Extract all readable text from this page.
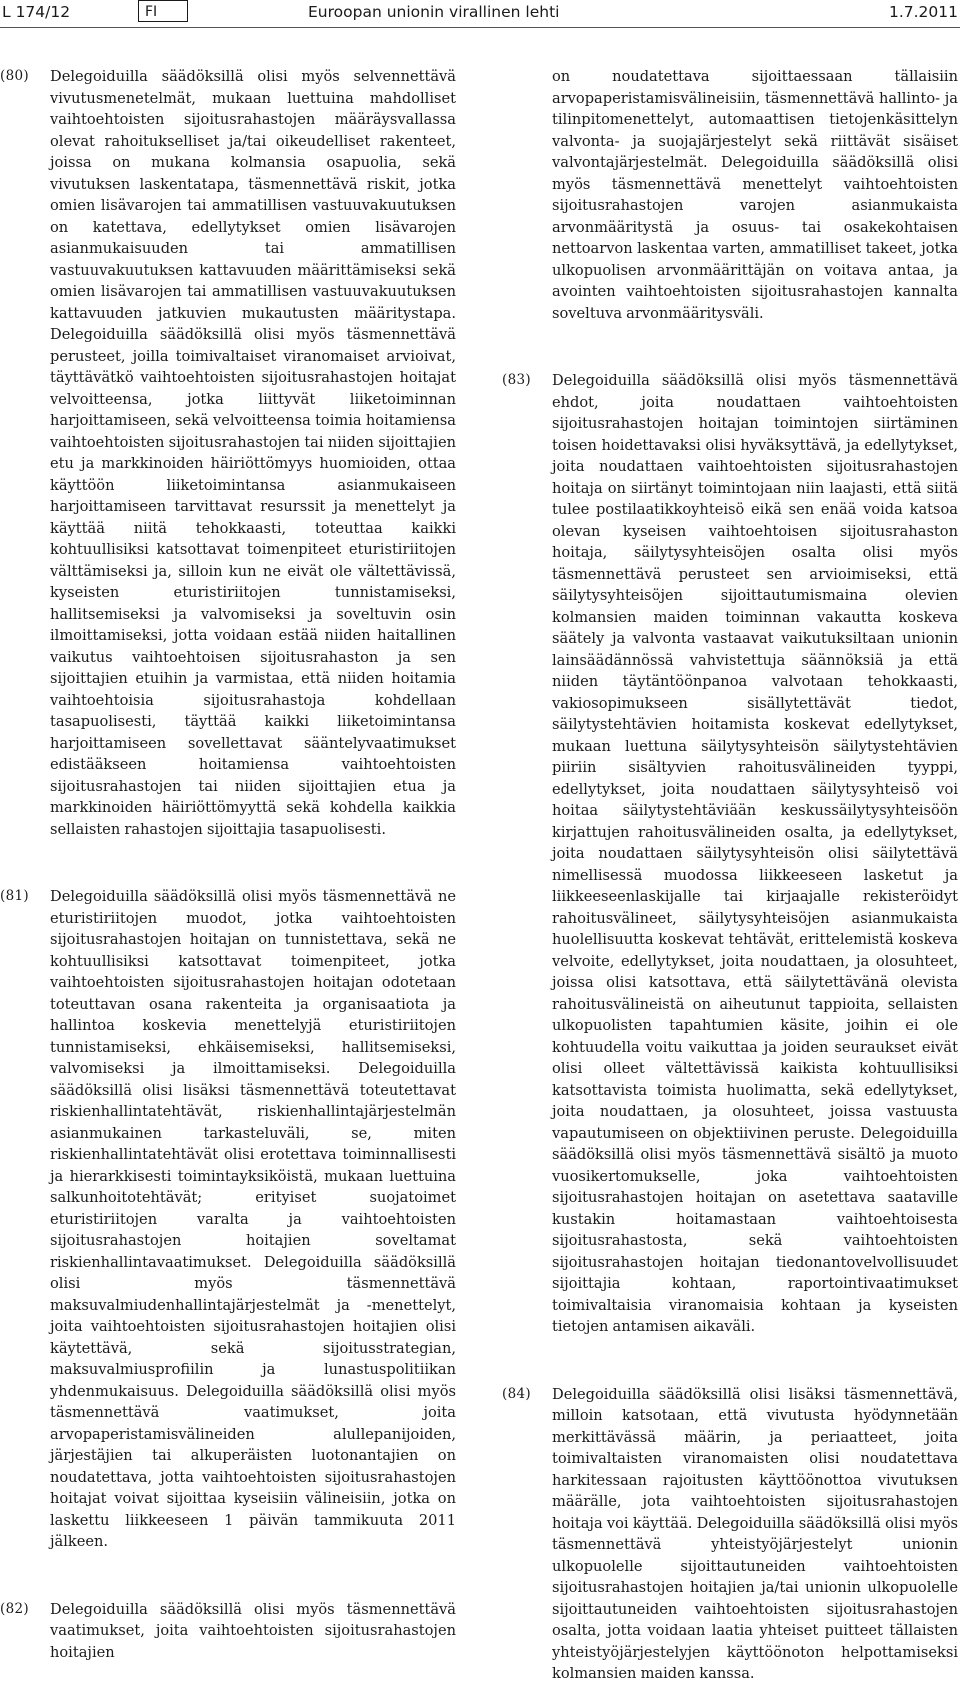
L 174/12	FI	Euroopan unionin virallinen lehti	1.7.2011
(80) Delegoiduilla säädöksillä olisi myös selvennettävä vivutusmenetelmät, mukaan luettuina mahdolliset vaihtoehtoisten sijoitusrahastojen määräysvallassa olevat rahoitukselliset ja/tai oikeudelliset rakenteet, joissa on mukana kolmansia osapuolia, sekä vivutuksen laskentatapa, täsmennettävä riskit, jotka omien lisävarojen tai ammatillisen vastuuvakuutuksen on katettava, edellytykset omien lisävarojen asianmukaisuuden tai ammatillisen vastuuvakuutuksen kattavuuden määrittämiseksi sekä omien lisävarojen tai ammatillisen vastuuvakuutuksen kattavuuden jatkuvien mukautusten määritystapa. Delegoiduilla säädöksillä olisi myös täsmennettävä perusteet, joilla toimivaltaiset viranomaiset arvioivat, täyttävätkö vaihtoehtoisten sijoitusrahastojen hoitajat velvoitteensa, jotka liittyvät liiketoiminnan harjoittamiseen, sekä velvoitteensa toimia hoitamiensa vaihtoehtoisten sijoitusrahastojen tai niiden sijoittajien etu ja markkinoiden häiriöttömyys huomioiden, ottaa käyttöön liiketoimintansa asianmukaiseen harjoittamiseen tarvittavat resurssit ja menettelyt ja käyttää niitä tehokkaasti, toteuttaa kaikki kohtuullisiksi katsottavat toimenpiteet eturistiriitojen välttämiseksi ja, silloin kun ne eivät ole vältettävissä, kyseisten eturistiriitojen tunnistamiseksi, hallitsemiseksi ja valvomiseksi ja soveltuvin osin ilmoittamiseksi, jotta voidaan estää niiden haitallinen vaikutus vaihtoehtoisen sijoitusrahaston ja sen sijoittajien etuihin ja varmistaa, että niiden hoitamia vaihtoehtoisia sijoitusrahastoja kohdellaan tasapuolisesti, täyttää kaikki liiketoimintansa harjoittamiseen sovellettavat sääntelyvaatimukset edistääkseen hoitamiensa vaihtoehtoisten sijoitusrahastojen tai niiden sijoittajien etua ja markkinoiden häiriöttömyyttä sekä kohdella kaikkia sellaisten rahastojen sijoittajia tasapuolisesti.
(81) Delegoiduilla säädöksillä olisi myös täsmennettävä ne eturistiriitojen muodot, jotka vaihtoehtoisten sijoitusrahastojen hoitajan on tunnistettava, sekä ne kohtuullisiksi katsottavat toimenpiteet, jotka vaihtoehtoisten sijoitusrahastojen hoitajan odotetaan toteuttavan osana rakenteita ja organisaatiota ja hallintoa koskevia menettelyjä eturistiriitojen tunnistamiseksi, ehkäisemiseksi, hallitsemiseksi, valvomiseksi ja ilmoittamiseksi. Delegoiduilla säädöksillä olisi lisäksi täsmennettävä toteutettavat riskienhallintatehtävät, riskienhallintajärjestelmän asianmukainen tarkasteluväli, se, miten riskienhallintatehtävät olisi erotettava toiminnallisesti ja hierarkkisesti toimintayksiköistä, mukaan luettuina salkunhoitotehtävät; erityiset suojatoimet eturistiriitojen varalta ja vaihtoehtoisten sijoitusrahastojen hoitajien soveltamat riskienhallintavaatimukset. Delegoiduilla säädöksillä olisi myös täsmennettävä maksuvalmiudenhallintajärjestelmät ja -menettelyt, joita vaihtoehtoisten sijoitusrahastojen hoitajien olisi käytettävä, sekä sijoitusstrategian, maksuvalmiusprofiilin ja lunastuspolitiikan yhdenmukaisuus. Delegoiduilla säädöksillä olisi myös täsmennettävä vaatimukset, joita arvopaperistamisvälineiden alullepanijoiden, järjestäjien tai alkuperäisten luotonantajien on noudatettava, jotta vaihtoehtoisten sijoitusrahastojen hoitajat voivat sijoittaa kyseisiin välineisiin, jotka on laskettu liikkeeseen 1 päivän tammikuuta 2011 jälkeen.
(82) Delegoiduilla säädöksillä olisi myös täsmennettävä vaatimukset, joita vaihtoehtoisten sijoitusrahastojen hoitajien
on noudatettava sijoittaessaan tällaisiin arvopaperistamisvälineisiin, täsmennettävä hallinto- ja tilinpitomenettelyt, automaattisen tietojenkäsittelyn valvonta- ja suojajärjestelyt sekä riittävät sisäiset valvontajärjestelmät. Delegoiduilla säädöksillä olisi myös täsmennettävä menettelyt vaihtoehtoisten sijoitusrahastojen varojen asianmukaista arvonmääritystä ja osuus- tai osakekohtaisen nettoarvon laskentaa varten, ammatilliset takeet, jotka ulkopuolisen arvonmäärittäjän on voitava antaa, ja avointen vaihtoehtoisten sijoitusrahastojen kannalta soveltuva arvonmääritysväli.
(83) Delegoiduilla säädöksillä olisi myös täsmennettävä ehdot, joita noudattaen vaihtoehtoisten sijoitusrahastojen hoitajan toimintojen siirtäminen toisen hoidettavaksi olisi hyväksyttävä, ja edellytykset, joita noudattaen vaihtoehtoisten sijoitusrahastojen hoitaja on siirtänyt toimintojaan niin laajasti, että siitä tulee postilaatikkoyhteisö eikä sen enää voida katsoa olevan kyseisen vaihtoehtoisen sijoitusrahaston hoitaja, säilytysyhteisöjen osalta olisi myös täsmennettävä perusteet sen arvioimiseksi, että säilytysyhteisöjen sijoittautumismaina olevien kolmansien maiden toiminnan vakautta koskeva säätely ja valvonta vastaavat vaikutuksiltaan unionin lainsäädännössä vahvistettuja säännöksiä ja että niiden täytäntöönpanoa valvotaan tehokkaasti, vakiosopimukseen sisällytettävät tiedot, säilytystehtävien hoitamista koskevat edellytykset, mukaan luettuna säilytysyhteisön säilytystehtävien piiriin sisältyvien rahoitusvälineiden tyyppi, edellytykset, joita noudattaen säilytysyhteisö voi hoitaa säilytystehtäviään keskussäilytysyhteisöön kirjattujen rahoitusvälineiden osalta, ja edellytykset, joita noudattaen säilytysyhteisön olisi säilytettävä nimellisessä muodossa liikkeeseen lasketut ja liikkeeseenlaskijalle tai kirjaajalle rekisteröidyt rahoitusvälineet, säilytysyhteisöjen asianmukaista huolellisuutta koskevat tehtävät, erittelemistä koskeva velvoite, edellytykset, joita noudattaen, ja olosuhteet, joissa olisi katsottava, että säilytettävänä olevista rahoitusvälineistä on aiheutunut tappioita, sellaisten ulkopuolisten tapahtumien käsite, joihin ei ole kohtuudella voitu vaikuttaa ja joiden seuraukset eivät olisi olleet vältettävissä kaikista kohtuullisiksi katsottavista toimista huolimatta, sekä edellytykset, joita noudattaen, ja olosuhteet, joissa vastuusta vapautumiseen on objektiivinen peruste. Delegoiduilla säädöksillä olisi myös täsmennettävä sisältö ja muoto vuosikertomukselle, joka vaihtoehtoisten sijoitusrahastojen hoitajan on asetettava saataville kustakin hoitamastaan vaihtoehtoisesta sijoitusrahastosta, sekä vaihtoehtoisten sijoitusrahastojen hoitajan tiedonantovelvollisuudet sijoittajia kohtaan, raportointivaatimukset toimivaltaisia viranomaisia kohtaan ja kyseisten tietojen antamisen aikaväli.
(84) Delegoiduilla säädöksillä olisi lisäksi täsmennettävä, milloin katsotaan, että vivutusta hyödynnetään merkittävässä määrin, ja periaatteet, joita toimivaltaisten viranomaisten olisi noudatettava harkitessaan rajoitusten käyttöönottoa vivutuksen määrälle, jota vaihtoehtoisten sijoitusrahastojen hoitaja voi käyttää. Delegoiduilla säädöksillä olisi myös täsmennettävä yhteistyöjärjestelyt unionin ulkopuolelle sijoittautuneiden vaihtoehtoisten sijoitusrahastojen hoitajien ja/tai unionin ulkopuolelle sijoittautuneiden vaihtoehtoisten sijoitusrahastojen osalta, jotta voidaan laatia yhteiset puitteet tällaisten yhteistyöjärjestelyjen käyttöönoton helpottamiseksi kolmansien maiden kanssa.
